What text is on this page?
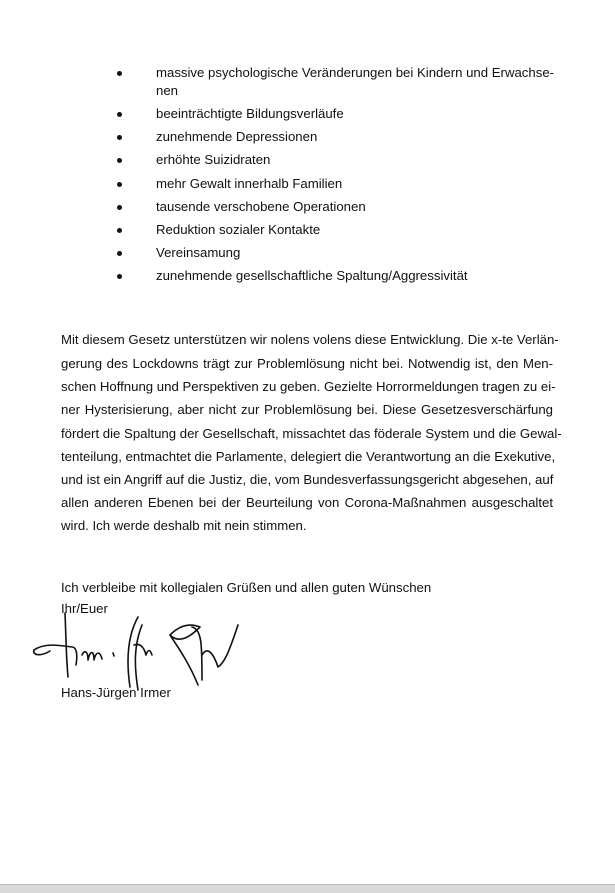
massive psychologische Veränderungen bei Kindern und Erwachse-
nen
beeinträchtigte Bildungsverläufe
zunehmende Depressionen
erhöhte Suizidraten
mehr Gewalt innerhalb Familien
tausende verschobene Operationen
Reduktion sozialer Kontakte
Vereinsamung
zunehmende gesellschaftliche Spaltung/Aggressivität
Mit diesem Gesetz unterstützen wir nolens volens diese Entwicklung. Die x-te Verlän-
gerung des Lockdowns trägt zur Problemlösung nicht bei. Notwendig ist, den Men-
schen Hoffnung und Perspektiven zu geben. Gezielte Horrormeldungen tragen zu ei-
ner Hysterisierung, aber nicht zur Problemlösung bei. Diese Gesetzesverschärfung
fördert die Spaltung der Gesellschaft, missachtet das föderale System und die Gewal-
tenteilung, entmachtet die Parlamente, delegiert die Verantwortung an die Exekutive,
und ist ein Angriff auf die Justiz, die, vom Bundesverfassungsgericht abgesehen, auf
allen anderen Ebenen bei der Beurteilung von Corona-Maßnahmen ausgeschaltet
wird. Ich werde deshalb mit nein stimmen.
Ich verbleibe mit kollegialen Grüßen und allen guten Wünschen
Ihr/Euer
Hans-Jürgen Irmer
